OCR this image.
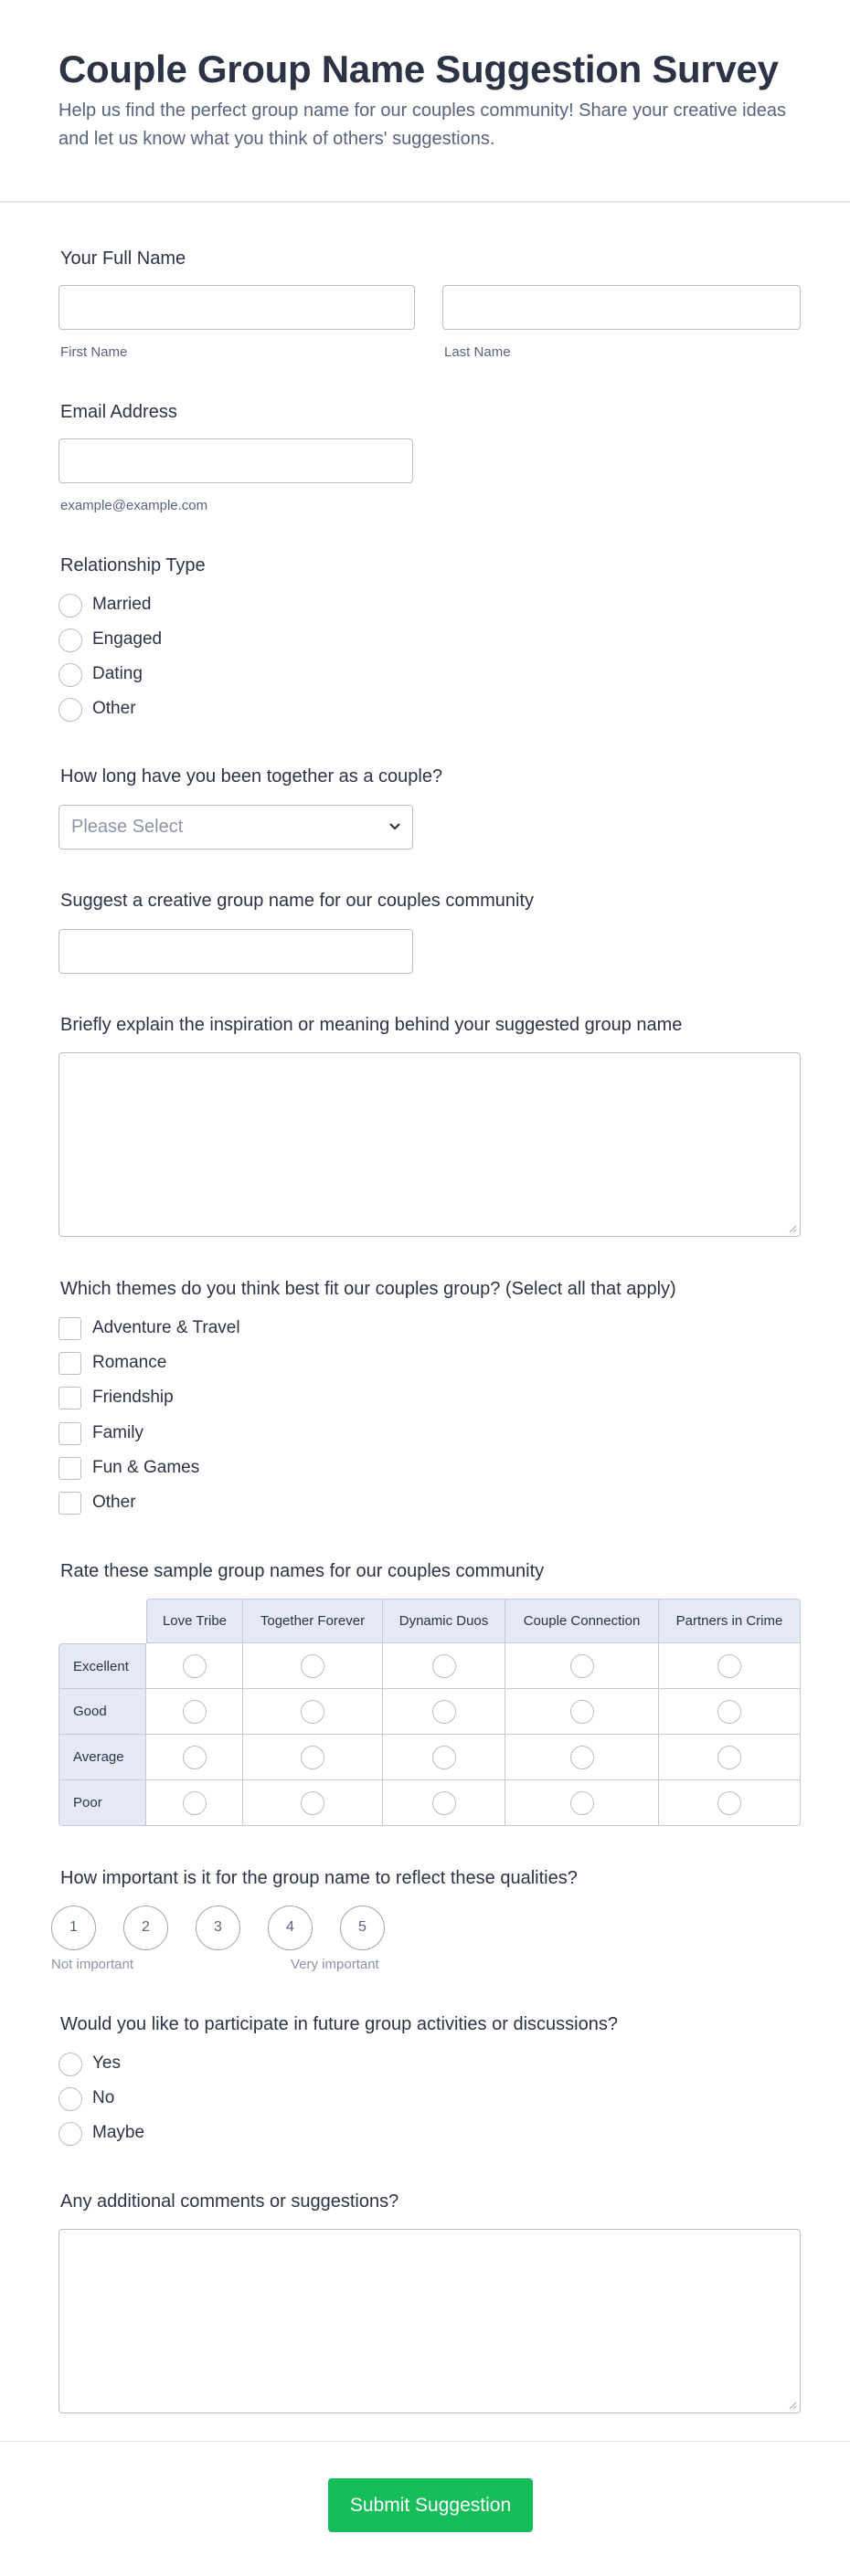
Couple Group Name Suggestion Survey
Help us find the perfect group name for our couples community! Share your creative ideas and let us know what you think of others' suggestions.
Your Full Name
First Name	Last Name
Email Address
example@example.com
Relationship Type
Married
Engaged
Dating
Other
How long have you been together as a couple?
Please Select
Suggest a creative group name for our couples community
Briefly explain the inspiration or meaning behind your suggested group name
Which themes do you think best fit our couples group? (Select all that apply)
Adventure & Travel
Romance
Friendship
Family
Fun & Games
Other
Rate these sample group names for our couples community
	Love Tribe	Together Forever	Dynamic Duos	Couple Connection	Partners in Crime
Excellent					
Good					
Average					
Poor					
How important is it for the group name to reflect these qualities?
1	2	3	4	5
Not important	Very important
Would you like to participate in future group activities or discussions?
Yes
No
Maybe
Any additional comments or suggestions?
Submit Suggestion
